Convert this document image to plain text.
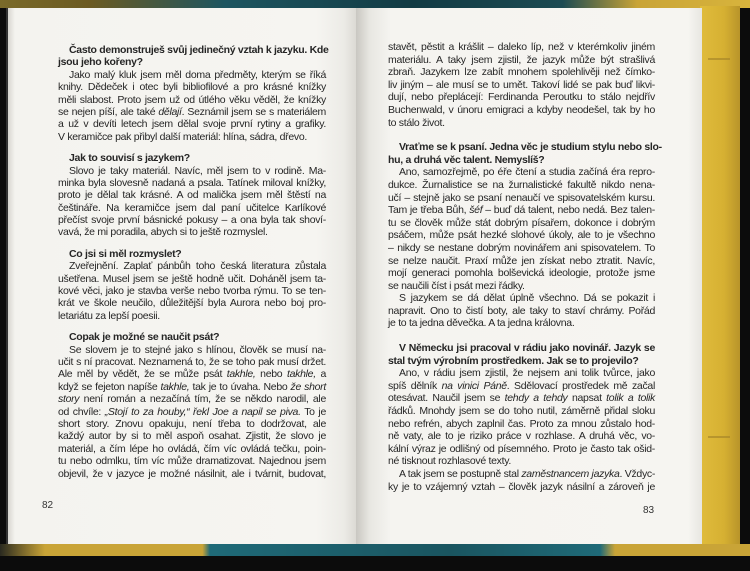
Často demonstruješ svůj jedinečný vztah k jazyku. Kde
jsou jeho kořeny?
Jako malý kluk jsem měl doma předměty, kterým se říká
knihy. Dědeček i otec byli bibliofilové a pro krásné knížky
měli slabost. Proto jsem už od útlého věku věděl, že knížky
se nejen píší, ale také dělají. Seznámil jsem se s materiálem
a už v devíti letech jsem dělal svoje první rytiny a grafiky.
V keramičce pak přibyl další materiál: hlína, sádra, dřevo.
Jak to souvisí s jazykem?
Slovo je taky materiál. Navíc, měl jsem to v rodině. Ma-
minka byla slovesně nadaná a psala. Tatínek miloval knížky,
proto je dělal tak krásné. A od malička jsem měl štěstí na
češtináře. Na keramičce jsem dal paní učitelce Karlíkové
přečíst svoje první básnické pokusy – a ona byla tak shoví-
vavá, že mi poradila, abych si to ještě rozmyslel.
Co jsi si měl rozmyslet?
Zveřejnění. Zaplať pánbůh toho česká literatura zůstala
ušetřena. Musel jsem se ještě hodně učit. Doháněl jsem ta-
kové věci, jako je stavba verše nebo tvorba rýmu. To se ten-
krát ve škole neučilo, důležitější byla Aurora nebo boj pro-
letariátu za lepší poesii.
Copak je možné se naučit psát?
Se slovem je to stejné jako s hlínou, člověk se musí na-
učit s ní pracovat. Neznamená to, že se toho pak musí držet.
Ale měl by vědět, že se může psát takhle, nebo takhle, a
když se fejeton napíše takhle, tak je to úvaha. Nebo že short
story není román a nezačíná tím, že se někdo narodil, ale
od chvíle: „Stojí to za houby,“ řekl Joe a napil se piva. To je
short story. Znovu opakuju, není třeba to dodržovat, ale
každý autor by si to měl aspoň osahat. Zjistit, že slovo je
materiál, a čím lépe ho ovládá, čím víc ovládá tečku, poin-
tu nebo odmlku, tím víc může dramatizovat. Najednou jsem
objevil, že v jazyce je možné násilnit, ale i tvárnit, budovat,
82
stavět, pěstit a krášlit – daleko líp, než v kterémkoliv jiném
materiálu. A taky jsem zjistil, že jazyk může být strašlivá
zbraň. Jazykem lze zabít mnohem spolehlivěji než čímko-
liv jiným – ale musí se to umět. Takoví lidé se pak buď likvi-
dují, nebo přeplácejí: Ferdinanda Peroutku to stálo nejdřív
Buchenwald, v únoru emigraci a kdyby neodešel, tak by ho
to stálo život.
Vraťme se k psaní. Jedna věc je studium stylu nebo slo-
hu, a druhá věc talent. Nemyslíš?
Ano, samozřejmě, po éře čtení a studia začíná éra repro-
dukce. Žurnalistice se na žurnalistické fakultě nikdo nena-
učí – stejně jako se psaní nenaučí ve spisovatelském kursu.
Tam je třeba Bůh, šéf – buď dá talent, nebo nedá. Bez talen-
tu se člověk může stát dobrým písařem, dokonce i dobrým
psáčem, může psát hezké slohové úkoly, ale to je všechno
– nikdy se nestane dobrým novinářem ani spisovatelem. To
se nelze naučit. Praxí může jen získat nebo ztratit. Navíc,
mojí generaci pomohla bolševická ideologie, protože jsme
se naučili číst i psát mezi řádky.
S jazykem se dá dělat úplně všechno. Dá se pokazit i
napravit. Ono to čistí boty, ale taky to staví chrámy. Pořád
je to ta jedna děvečka. A ta jedna královna.
V Německu jsi pracoval v rádiu jako novinář. Jazyk se
stal tvým výrobním prostředkem. Jak se to projevilo?
Ano, v rádiu jsem zjistil, že nejsem ani tolik tvůrce, jako
spíš dělník na vinici Páně. Sdělovací prostředek mě začal
otesávat. Naučil jsem se tehdy a tehdy napsat tolik a tolik
řádků. Mnohdy jsem se do toho nutil, záměrně přidal sloku
nebo refrén, abych zaplnil čas. Proto za mnou zůstalo hod-
ně vaty, ale to je riziko práce v rozhlase. A druhá věc, vo-
kální výraz je odlišný od písemného. Proto je často tak ošid-
né tisknout rozhlasové texty.
A tak jsem se postupně stal zaměstnancem jazyka. Vždyc-
ky je to vzájemný vztah – člověk jazyk násilní a zároveň je
83
